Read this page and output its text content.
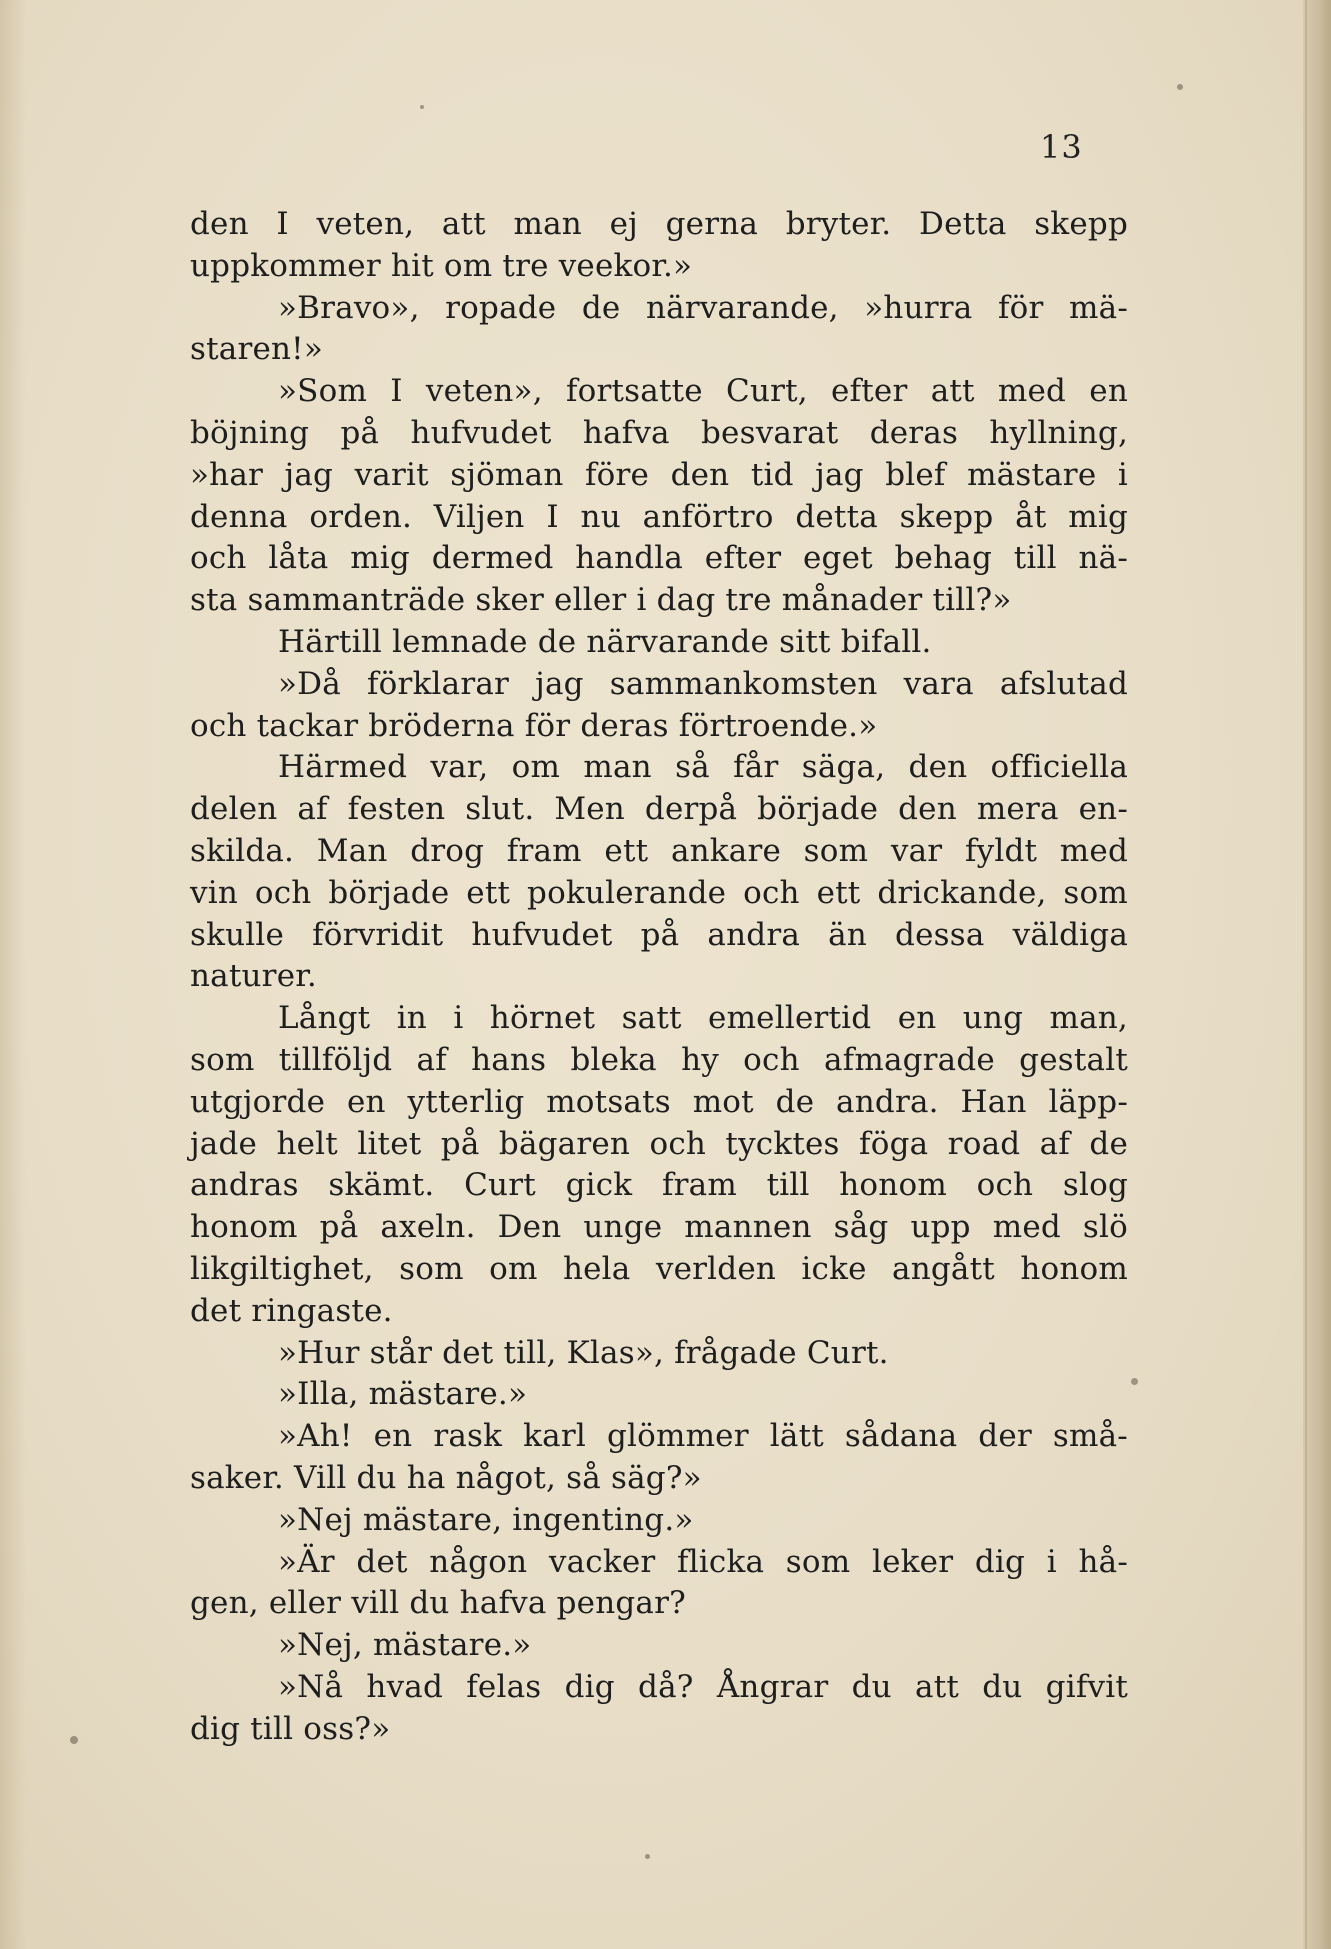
13
den I veten, att man ej gerna bryter. Detta skepp
uppkommer hit om tre veekor.»
»Bravo», ropade de närvarande, »hurra för mä-
staren!»
»Som I veten», fortsatte Curt, efter att med en
böjning på hufvudet hafva besvarat deras hyllning,
»har jag varit sjöman före den tid jag blef mästare i
denna orden. Viljen I nu anförtro detta skepp åt mig
och låta mig dermed handla efter eget behag till nä-
sta sammanträde sker eller i dag tre månader till?»
Härtill lemnade de närvarande sitt bifall.
»Då förklarar jag sammankomsten vara afslutad
och tackar bröderna för deras förtroende.»
Härmed var, om man så får säga, den officiella
delen af festen slut. Men derpå började den mera en-
skilda. Man drog fram ett ankare som var fyldt med
vin och började ett pokulerande och ett drickande, som
skulle förvridit hufvudet på andra än dessa väldiga
naturer.
Långt in i hörnet satt emellertid en ung man,
som tillföljd af hans bleka hy och afmagrade gestalt
utgjorde en ytterlig motsats mot de andra. Han läpp-
jade helt litet på bägaren och tycktes föga road af de
andras skämt. Curt gick fram till honom och slog
honom på axeln. Den unge mannen såg upp med slö
likgiltighet, som om hela verlden icke angått honom
det ringaste.
»Hur står det till, Klas», frågade Curt.
»Illa, mästare.»
»Ah! en rask karl glömmer lätt sådana der små-
saker. Vill du ha något, så säg?»
»Nej mästare, ingenting.»
»Är det någon vacker flicka som leker dig i hå-
gen, eller vill du hafva pengar?
»Nej, mästare.»
»Nå hvad felas dig då? Ångrar du att du gifvit
dig till oss?»
